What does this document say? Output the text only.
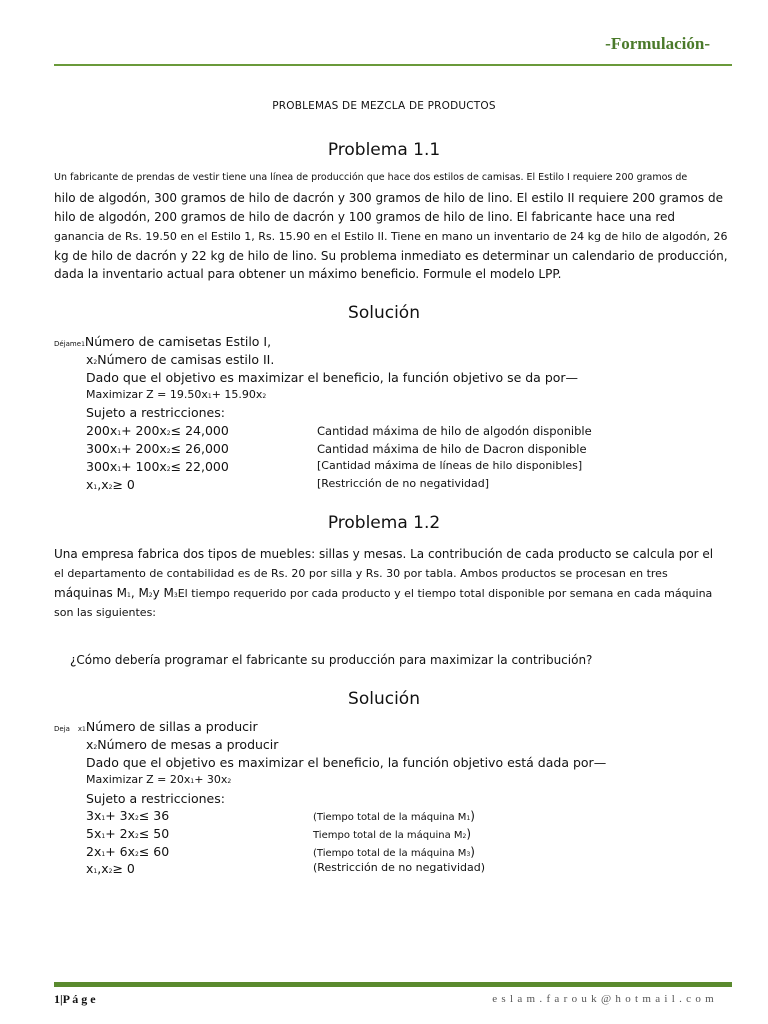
-Formulación-
PROBLEMAS DE MEZCLA DE PRODUCTOS
Problema 1.1
Un fabricante de prendas de vestir tiene una línea de producción que hace dos estilos de camisas. El Estilo I requiere 200 gramos de
hilo de algodón, 300 gramos de hilo de dacrón y 300 gramos de hilo de lino. El estilo II requiere 200 gramos de
hilo de algodón, 200 gramos de hilo de dacrón y 100 gramos de hilo de lino. El fabricante hace una red
ganancia de Rs. 19.50 en el Estilo 1, Rs. 15.90 en el Estilo II. Tiene en mano un inventario de 24 kg de hilo de algodón, 26
kg de hilo de dacrón y 22 kg de hilo de lino. Su problema inmediato es determinar un calendario de producción,
dada la inventario actual para obtener un máximo beneficio. Formule el modelo LPP.
Solución
Déjame1Número de camisetas Estilo I,
x2Número de camisas estilo II.
Dado que el objetivo es maximizar el beneficio, la función objetivo se da por—
Maximizar Z = 19.50x1+ 15.90x2
Sujeto a restricciones:
200x1+ 200x2≤ 24,000	Cantidad máxima de hilo de algodón disponible
300x1+ 200x2≤ 26,000	Cantidad máxima de hilo de Dacron disponible
300x1+ 100x2≤ 22,000	[Cantidad máxima de líneas de hilo disponibles]
x1,x2≥ 0	[Restricción de no negatividad]
Problema 1.2
Una empresa fabrica dos tipos de muebles: sillas y mesas. La contribución de cada producto se calcula por el
el departamento de contabilidad es de Rs. 20 por silla y Rs. 30 por tabla. Ambos productos se procesan en tres
máquinas M1, M2y M3El tiempo requerido por cada producto y el tiempo total disponible por semana en cada máquina
son las siguientes:
¿Cómo debería programar el fabricante su producción para maximizar la contribución?
Solución
Deja x1Número de sillas a producir
x2Número de mesas a producir
Dado que el objetivo es maximizar el beneficio, la función objetivo está dada por—
Maximizar Z = 20x1+ 30x2
Sujeto a restricciones:
3x1+ 3x2≤ 36	(Tiempo total de la máquina M1)
5x1+ 2x2≤ 50	Tiempo total de la máquina M2)
2x1+ 6x2≤ 60	(Tiempo total de la máquina M3)
x1,x2≥ 0	(Restricción de no negatividad)
1|P á g e	eslam.farouk@hotmail.com
